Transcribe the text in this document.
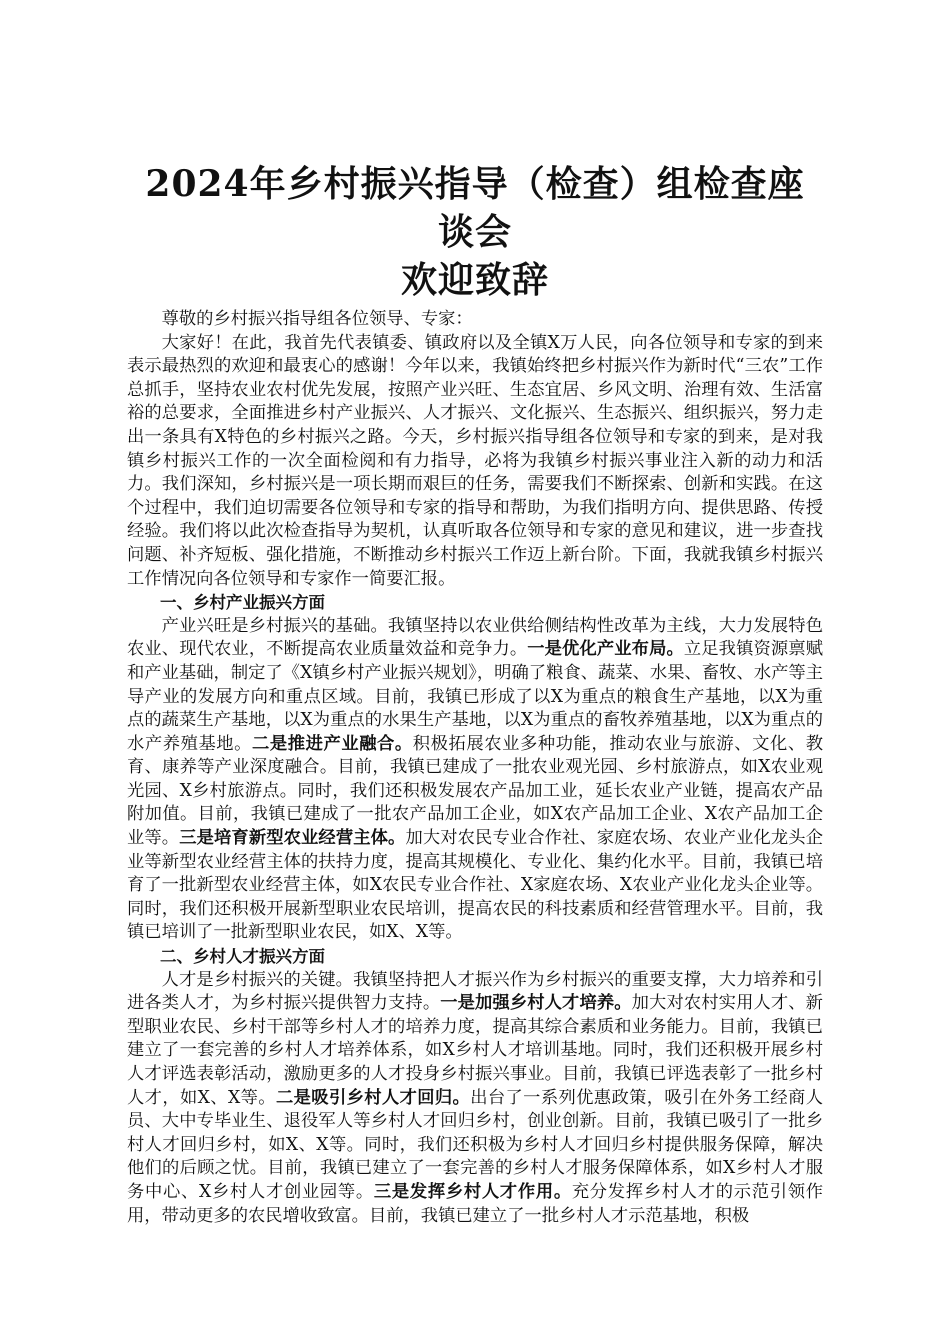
2024年乡村振兴指导（检查）组检查座谈会
欢迎致辞

尊敬的乡村振兴指导组各位领导、专家：

大家好！在此，我首先代表镇委、镇政府以及全镇X万人民，向各位领导和专家的到来表示最热烈的欢迎和最衷心的感谢！今年以来，我镇始终把乡村振兴作为新时代“三农”工作总抓手，坚持农业农村优先发展，按照产业兴旺、生态宜居、乡风文明、治理有效、生活富裕的总要求，全面推进乡村产业振兴、人才振兴、文化振兴、生态振兴、组织振兴，努力走出一条具有X特色的乡村振兴之路。今天，乡村振兴指导组各位领导和专家的到来，是对我镇乡村振兴工作的一次全面检阅和有力指导，必将为我镇乡村振兴事业注入新的动力和活力。我们深知，乡村振兴是一项长期而艰巨的任务，需要我们不断探索、创新和实践。在这个过程中，我们迫切需要各位领导和专家的指导和帮助，为我们指明方向、提供思路、传授经验。我们将以此次检查指导为契机，认真听取各位领导和专家的意见和建议，进一步查找问题、补齐短板、强化措施，不断推动乡村振兴工作迈上新台阶。下面，我就我镇乡村振兴工作情况向各位领导和专家作一简要汇报。

一、乡村产业振兴方面

产业兴旺是乡村振兴的基础。我镇坚持以农业供给侧结构性改革为主线，大力发展特色农业、现代农业，不断提高农业质量效益和竞争力。一是优化产业布局。立足我镇资源禀赋和产业基础，制定了《X镇乡村产业振兴规划》，明确了粮食、蔬菜、水果、畜牧、水产等主导产业的发展方向和重点区域。目前，我镇已形成了以X为重点的粮食生产基地，以X为重点的蔬菜生产基地，以X为重点的水果生产基地，以X为重点的畜牧养殖基地，以X为重点的水产养殖基地。二是推进产业融合。积极拓展农业多种功能，推动农业与旅游、文化、教育、康养等产业深度融合。目前，我镇已建成了一批农业观光园、乡村旅游点，如X农业观光园、X乡村旅游点。同时，我们还积极发展农产品加工业，延长农业产业链，提高农产品附加值。目前，我镇已建成了一批农产品加工企业，如X农产品加工企业、X农产品加工企业等。三是培育新型农业经营主体。加大对农民专业合作社、家庭农场、农业产业化龙头企业等新型农业经营主体的扶持力度，提高其规模化、专业化、集约化水平。目前，我镇已培育了一批新型农业经营主体，如X农民专业合作社、X家庭农场、X农业产业化龙头企业等。同时，我们还积极开展新型职业农民培训，提高农民的科技素质和经营管理水平。目前，我镇已培训了一批新型职业农民，如X、X等。

二、乡村人才振兴方面

人才是乡村振兴的关键。我镇坚持把人才振兴作为乡村振兴的重要支撑，大力培养和引进各类人才，为乡村振兴提供智力支持。一是加强乡村人才培养。加大对农村实用人才、新型职业农民、乡村干部等乡村人才的培养力度，提高其综合素质和业务能力。目前，我镇已建立了一套完善的乡村人才培养体系，如X乡村人才培训基地。同时，我们还积极开展乡村人才评选表彰活动，激励更多的人才投身乡村振兴事业。目前，我镇已评选表彰了一批乡村人才，如X、X等。二是吸引乡村人才回归。出台了一系列优惠政策，吸引在外务工经商人员、大中专毕业生、退役军人等乡村人才回归乡村，创业创新。目前，我镇已吸引了一批乡村人才回归乡村，如X、X等。同时，我们还积极为乡村人才回归乡村提供服务保障，解决他们的后顾之忧。目前，我镇已建立了一套完善的乡村人才服务保障体系，如X乡村人才服务中心、X乡村人才创业园等。三是发挥乡村人才作用。充分发挥乡村人才的示范引领作用，带动更多的农民增收致富。目前，我镇已建立了一批乡村人才示范基地，积极
